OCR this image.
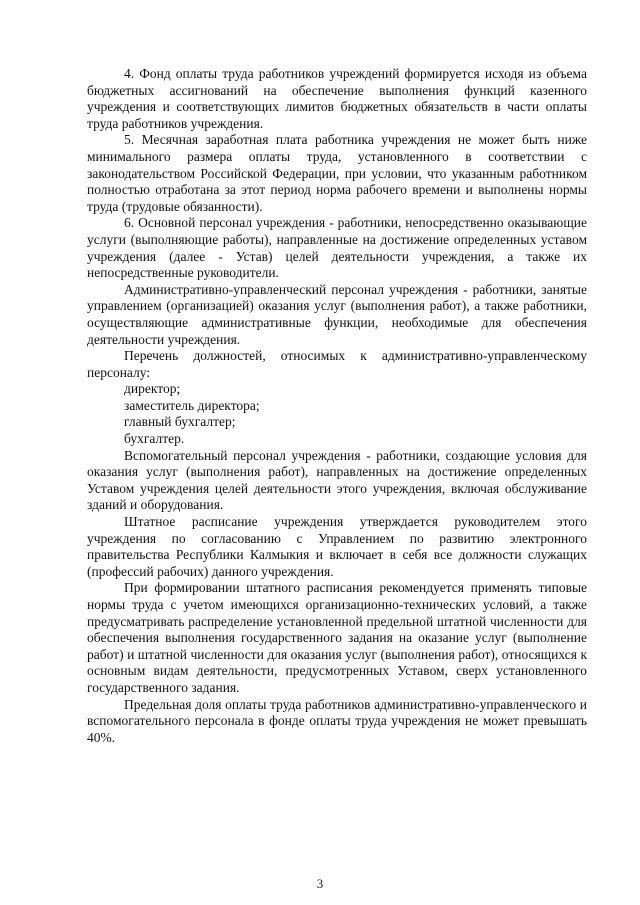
4. Фонд оплаты труда работников учреждений формируется исходя из объема бюджетных ассигнований на обеспечение выполнения функций казенного учреждения и соответствующих лимитов бюджетных обязательств в части оплаты труда работников учреждения.

5. Месячная заработная плата работника учреждения не может быть ниже минимального размера оплаты труда, установленного в соответствии с законодательством Российской Федерации, при условии, что указанным работником полностью отработана за этот период норма рабочего времени и выполнены нормы труда (трудовые обязанности).

6. Основной персонал учреждения - работники, непосредственно оказывающие услуги (выполняющие работы), направленные на достижение определенных уставом учреждения (далее - Устав) целей деятельности учреждения, а также их непосредственные руководители.

Административно-управленческий персонал учреждения - работники, занятые управлением (организацией) оказания услуг (выполнения работ), а также работники, осуществляющие административные функции, необходимые для обеспечения деятельности учреждения.

Перечень должностей, относимых к административно-управленческому персоналу:

директор;

заместитель директора;

главный бухгалтер;

бухгалтер.

Вспомогательный персонал учреждения - работники, создающие условия для оказания услуг (выполнения работ), направленных на достижение определенных Уставом учреждения целей деятельности этого учреждения, включая обслуживание зданий и оборудования.

Штатное расписание учреждения утверждается руководителем этого учреждения по согласованию с Управлением по развитию электронного правительства Республики Калмыкия и включает в себя все должности служащих (профессий рабочих) данного учреждения.

При формировании штатного расписания рекомендуется применять типовые нормы труда с учетом имеющихся организационно-технических условий, а также предусматривать распределение установленной предельной штатной численности для обеспечения выполнения государственного задания на оказание услуг (выполнение работ) и штатной численности для оказания услуг (выполнения работ), относящихся к основным видам деятельности, предусмотренных Уставом, сверх установленного государственного задания.

Предельная доля оплаты труда работников административно-управленческого и вспомогательного персонала в фонде оплаты труда учреждения не может превышать 40%.

3
